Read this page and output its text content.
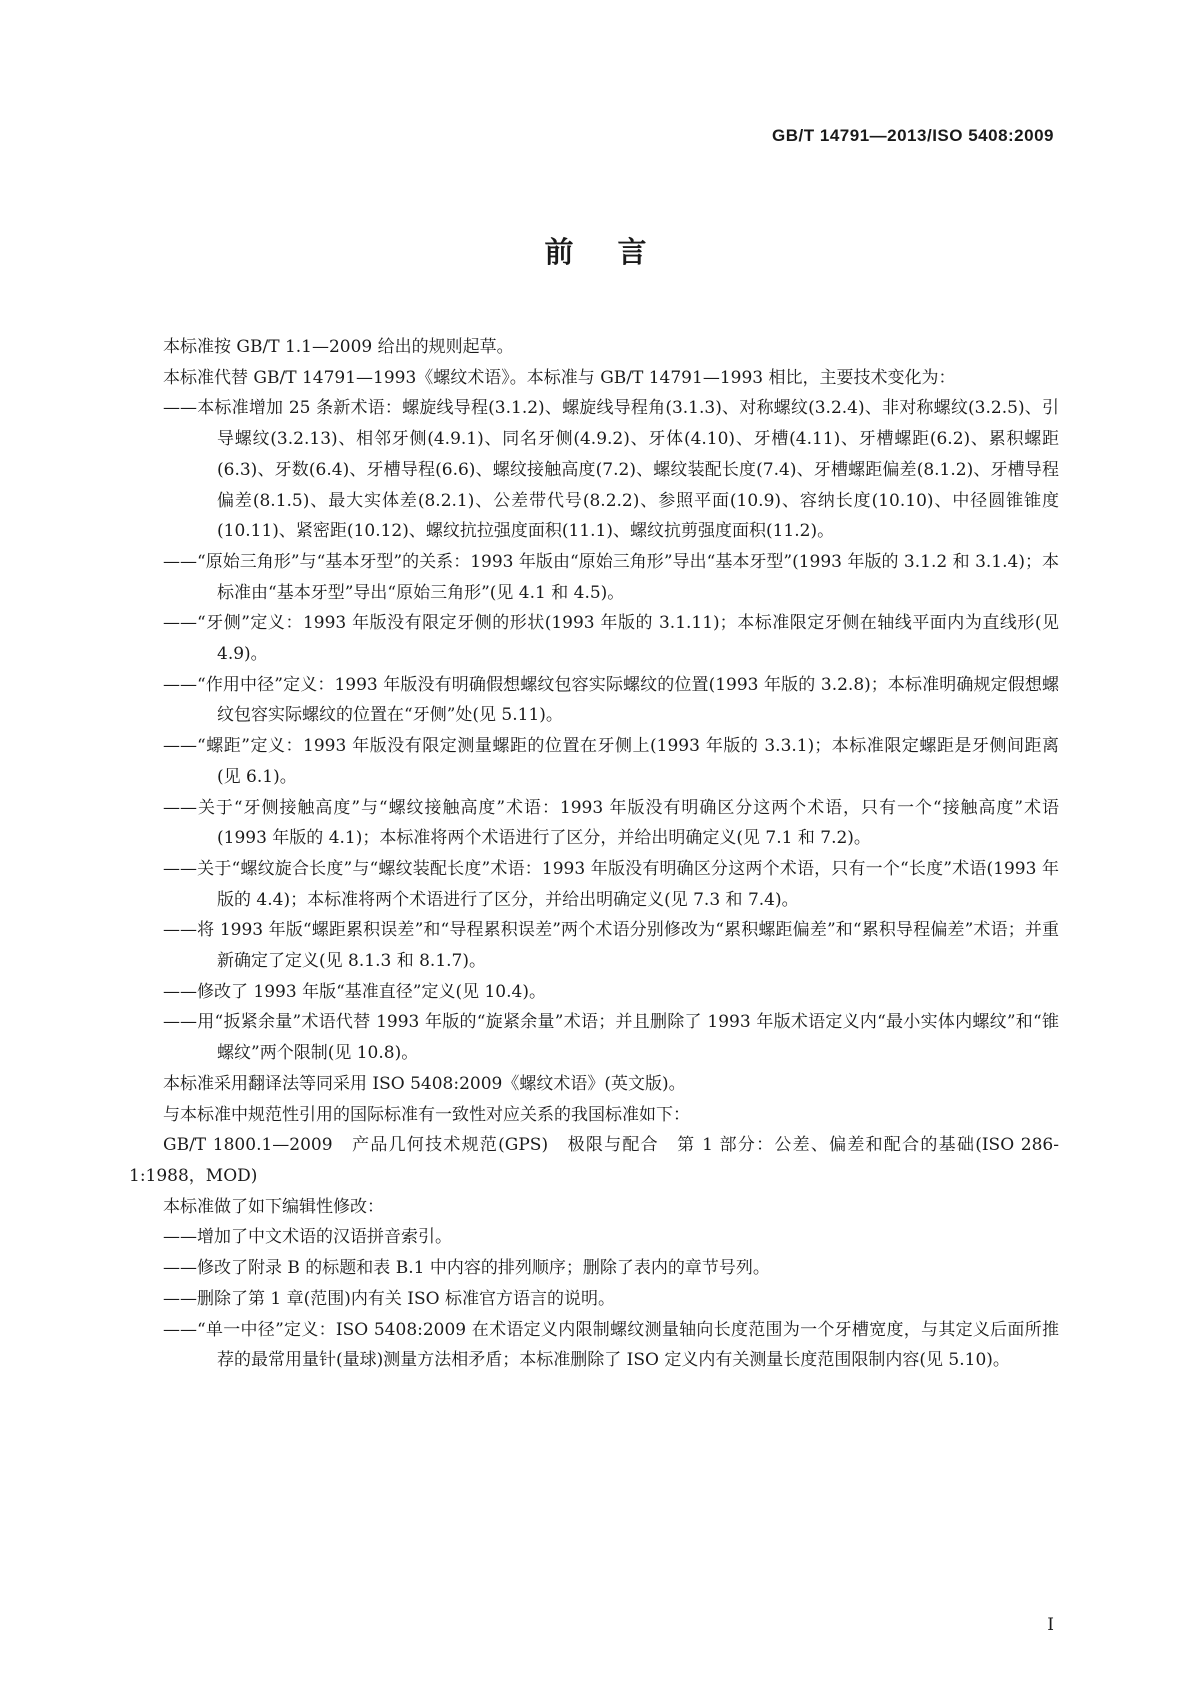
GB/T 14791—2013/ISO 5408:2009
前言

本标准按 GB/T 1.1—2009 给出的规则起草。

本标准代替 GB/T 14791—1993《螺纹术语》。本标准与 GB/T 14791—1993 相比，主要技术变化为：

——本标准增加 25 条新术语：螺旋线导程(3.1.2)、螺旋线导程角(3.1.3)、对称螺纹(3.2.4)、非对称螺纹(3.2.5)、引导螺纹(3.2.13)、相邻牙侧(4.9.1)、同名牙侧(4.9.2)、牙体(4.10)、牙槽(4.11)、牙槽螺距(6.2)、累积螺距(6.3)、牙数(6.4)、牙槽导程(6.6)、螺纹接触高度(7.2)、螺纹装配长度(7.4)、牙槽螺距偏差(8.1.2)、牙槽导程偏差(8.1.5)、最大实体差(8.2.1)、公差带代号(8.2.2)、参照平面(10.9)、容纳长度(10.10)、中径圆锥锥度(10.11)、紧密距(10.12)、螺纹抗拉强度面积(11.1)、螺纹抗剪强度面积(11.2)。

——“原始三角形”与“基本牙型”的关系：1993 年版由“原始三角形”导出“基本牙型”(1993 年版的 3.1.2 和 3.1.4)；本标准由“基本牙型”导出“原始三角形”(见 4.1 和 4.5)。

——“牙侧”定义：1993 年版没有限定牙侧的形状(1993 年版的 3.1.11)；本标准限定牙侧在轴线平面内为直线形(见 4.9)。

——“作用中径”定义：1993 年版没有明确假想螺纹包容实际螺纹的位置(1993 年版的 3.2.8)；本标准明确规定假想螺纹包容实际螺纹的位置在“牙侧”处(见 5.11)。

——“螺距”定义：1993 年版没有限定测量螺距的位置在牙侧上(1993 年版的 3.3.1)；本标准限定螺距是牙侧间距离(见 6.1)。

——关于“牙侧接触高度”与“螺纹接触高度”术语：1993 年版没有明确区分这两个术语，只有一个“接触高度”术语(1993 年版的 4.1)；本标准将两个术语进行了区分，并给出明确定义(见 7.1 和 7.2)。

——关于“螺纹旋合长度”与“螺纹装配长度”术语：1993 年版没有明确区分这两个术语，只有一个“长度”术语(1993 年版的 4.4)；本标准将两个术语进行了区分，并给出明确定义(见 7.3 和 7.4)。

——将 1993 年版“螺距累积误差”和“导程累积误差”两个术语分别修改为“累积螺距偏差”和“累积导程偏差”术语；并重新确定了定义(见 8.1.3 和 8.1.7)。

——修改了 1993 年版“基准直径”定义(见 10.4)。

——用“扳紧余量”术语代替 1993 年版的“旋紧余量”术语；并且删除了 1993 年版术语定义内“最小实体内螺纹”和“锥螺纹”两个限制(见 10.8)。

本标准采用翻译法等同采用 ISO 5408:2009《螺纹术语》(英文版)。

与本标准中规范性引用的国际标准有一致性对应关系的我国标准如下：

GB/T 1800.1—2009　产品几何技术规范(GPS)　极限与配合　第 1 部分：公差、偏差和配合的基础(ISO 286-1:1988，MOD)

本标准做了如下编辑性修改：

——增加了中文术语的汉语拼音索引。

——修改了附录 B 的标题和表 B.1 中内容的排列顺序；删除了表内的章节号列。

——删除了第 1 章(范围)内有关 ISO 标准官方语言的说明。

——“单一中径”定义：ISO 5408:2009 在术语定义内限制螺纹测量轴向长度范围为一个牙槽宽度，与其定义后面所推荐的最常用量针(量球)测量方法相矛盾；本标准删除了 ISO 定义内有关测量长度范围限制内容(见 5.10)。

I
